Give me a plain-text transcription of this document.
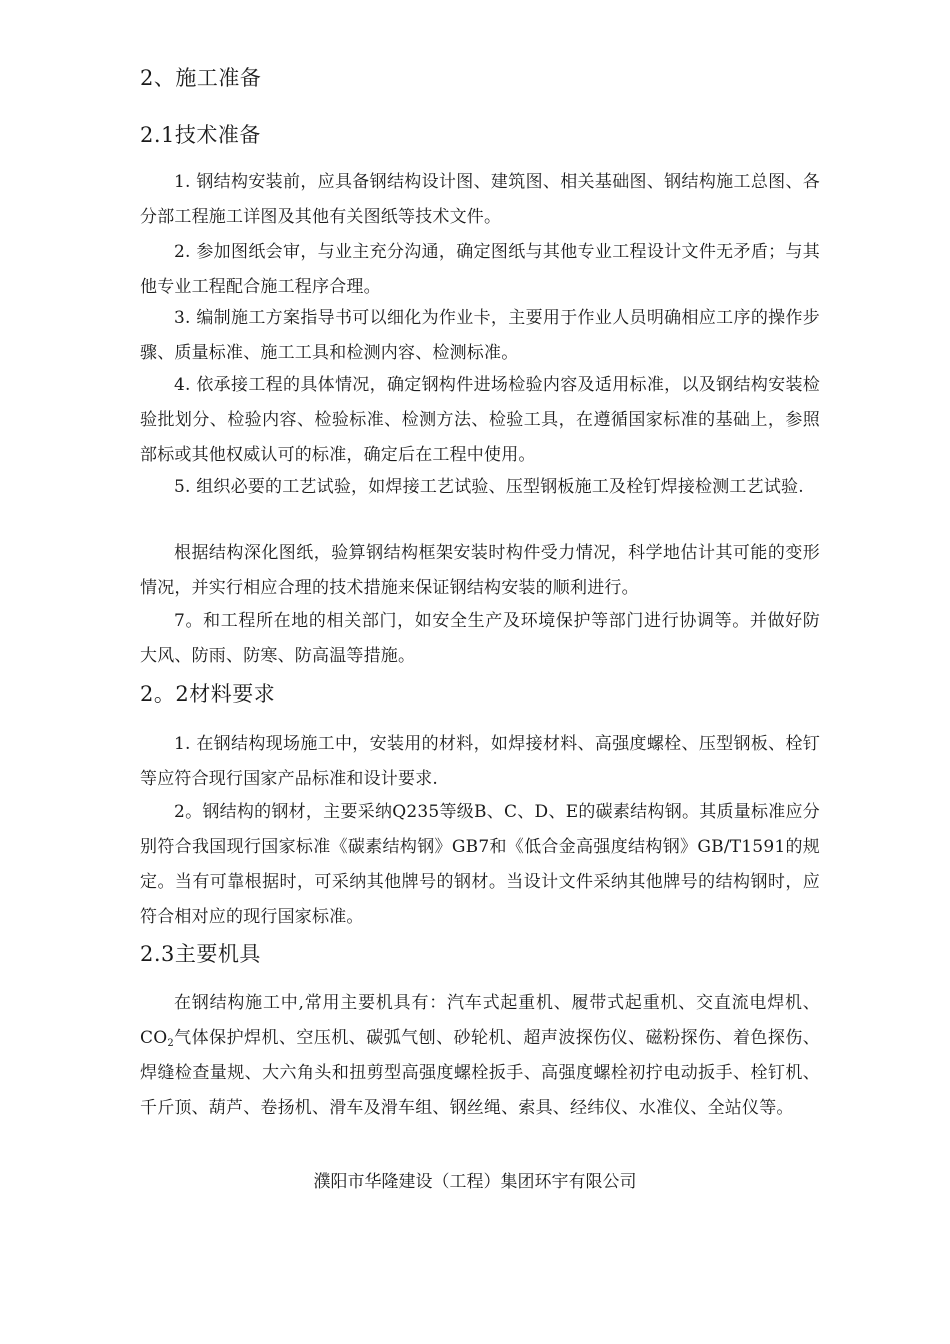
2、施工准备
2.1技术准备

1. 钢结构安装前，应具备钢结构设计图、建筑图、相关基础图、钢结构施工总图、各分部工程施工详图及其他有关图纸等技术文件。

2. 参加图纸会审，与业主充分沟通，确定图纸与其他专业工程设计文件无矛盾；与其他专业工程配合施工程序合理。

3. 编制施工方案指导书可以细化为作业卡，主要用于作业人员明确相应工序的操作步骤、质量标准、施工工具和检测内容、检测标准。

4. 依承接工程的具体情况，确定钢构件进场检验内容及适用标准，以及钢结构安装检验批划分、检验内容、检验标准、检测方法、检验工具，在遵循国家标准的基础上，参照部标或其他权威认可的标准，确定后在工程中使用。

5. 组织必要的工艺试验，如焊接工艺试验、压型钢板施工及栓钉焊接检测工艺试验.

根据结构深化图纸，验算钢结构框架安装时构件受力情况，科学地估计其可能的变形情况，并实行相应合理的技术措施来保证钢结构安装的顺利进行。

7。和工程所在地的相关部门，如安全生产及环境保护等部门进行协调等。并做好防大风、防雨、防寒、防高温等措施。

2。2材料要求

1. 在钢结构现场施工中，安装用的材料，如焊接材料、高强度螺栓、压型钢板、栓钉等应符合现行国家产品标准和设计要求.

2。钢结构的钢材，主要采纳Q235等级B、C、D、E的碳素结构钢。其质量标准应分别符合我国现行国家标准《碳素结构钢》GB7和《低合金高强度结构钢》GB/T1591的规定。当有可靠根据时，可采纳其他牌号的钢材。当设计文件采纳其他牌号的结构钢时，应符合相对应的现行国家标准。

2.3主要机具

在钢结构施工中,常用主要机具有：汽车式起重机、履带式起重机、交直流电焊机、$CO_2$气体保护焊机、空压机、碳弧气刨、砂轮机、超声波探伤仪、磁粉探伤、着色探伤、焊缝检查量规、大六角头和扭剪型高强度螺栓扳手、高强度螺栓初拧电动扳手、栓钉机、千斤顶、葫芦、卷扬机、滑车及滑车组、钢丝绳、索具、经纬仪、水准仪、全站仪等。

濮阳市华隆建设（工程）集团环宇有限公司
